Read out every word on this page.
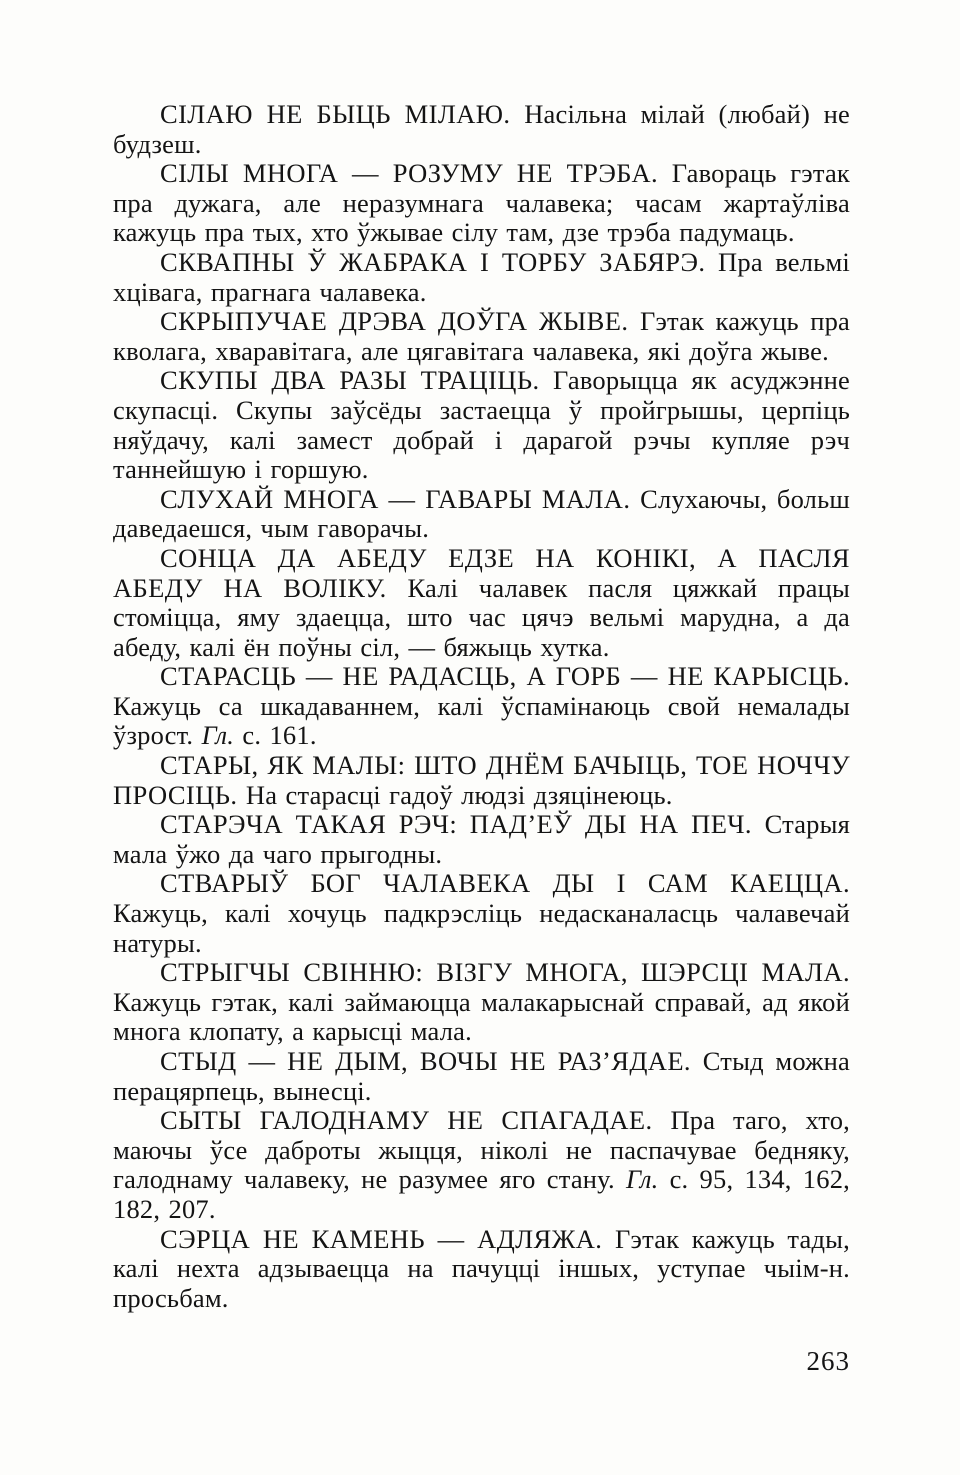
СІЛАЮ НЕ БЫЦЬ МІЛАЮ. Насільна мілай (любай) не будзеш.

СІЛЫ МНОГА — РОЗУМУ НЕ ТРЭБА. Гавораць гэтак пра дужага, але неразумнага чалавека; часам жартаўліва кажуць пра тых, хто ўжывае сілу там, дзе трэба падумаць.

СКВАПНЫ Ў ЖАБРАКА І ТОРБУ ЗАБЯРЭ. Пра вельмі хцівага, прагнага чалавека.

СКРЫПУЧАЕ ДРЭВА ДОЎГА ЖЫВЕ. Гэтак кажуць пра кволага, хваравітага, але цягавітага чалавека, які доўга жыве.

СКУПЫ ДВА РАЗЫ ТРАЦІЦЬ. Гаворыцца як асуджэнне скупасці. Скупы заўсёды застаецца ў пройгрышы, церпіць няўдачу, калі замест добрай і дарагой рэчы купляе рэч таннейшую і горшую.

СЛУХАЙ МНОГА — ГАВАРЫ МАЛА. Слухаючы, больш даведаешся, чым гаворачы.

СОНЦА ДА АБЕДУ ЕДЗЕ НА КОНІКІ, А ПАСЛЯ АБЕДУ НА ВОЛІКУ. Калі чалавек пасля цяжкай працы стоміцца, яму здаецца, што час цячэ вельмі марудна, а да абеду, калі ён поўны сіл, — бяжыць хутка.

СТАРАСЦЬ — НЕ РАДАСЦЬ, А ГОРБ — НЕ КАРЫСЦЬ. Кажуць са шкадаваннем, калі ўспамінаюць свой немалады ўзрост. Гл. с. 161.

СТАРЫ, ЯК МАЛЫ: ШТО ДНЁМ БАЧЫЦЬ, ТОЕ НОЧЧУ ПРОСІЦЬ. На старасці гадоў людзі дзяцінеюць.

СТАРЭЧА ТАКАЯ РЭЧ: ПАД’ЕЎ ДЫ НА ПЕЧ. Старыя мала ўжо да чаго прыгодны.

СТВАРЫЎ БОГ ЧАЛАВЕКА ДЫ І САМ КАЕЦЦА. Кажуць, калі хочуць падкрэсліць недасканаласць чалавечай натуры.

СТРЫГЧЫ СВІННЮ: ВІЗГУ МНОГА, ШЭРСЦІ МАЛА. Кажуць гэтак, калі займаюцца малакарыснай справай, ад якой многа клопату, а карысці мала.

СТЫД — НЕ ДЫМ, ВОЧЫ НЕ РАЗ’ЯДАЕ. Стыд можна перацярпець, вынесці.

СЫТЫ ГАЛОДНАМУ НЕ СПАГАДАЕ. Пра таго, хто, маючы ўсе даброты жыцця, ніколі не паспачувае бедняку, галоднаму чалавеку, не разумее яго стану. Гл. с. 95, 134, 162, 182, 207.

СЭРЦА НЕ КАМЕНЬ — АДЛЯЖА. Гэтак кажуць тады, калі нехта адзываецца на пачуцці іншых, уступае чыім-н. просьбам.

263
